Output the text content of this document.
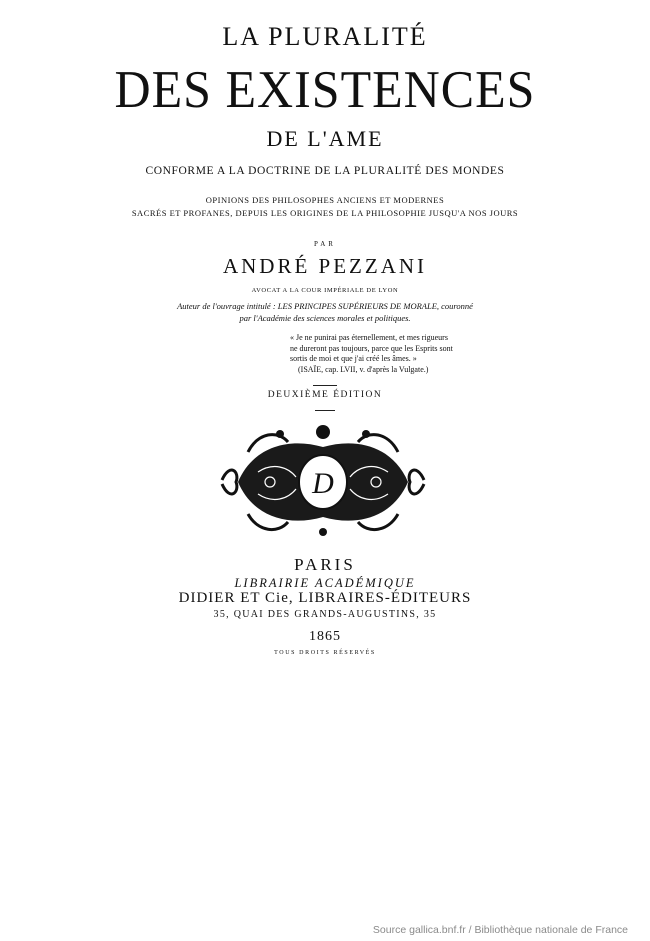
LA PLURALITÉ
DES EXISTENCES
DE L'AME
CONFORME A LA DOCTRINE DE LA PLURALITÉ DES MONDES
OPINIONS DES PHILOSOPHES ANCIENS ET MODERNES
SACRÉS ET PROFANES, DEPUIS LES ORIGINES DE LA PHILOSOPHIE JUSQU'A NOS JOURS
PAR
ANDRÉ PEZZANI
AVOCAT A LA COUR IMPÉRIALE DE LYON
Auteur de l'ouvrage intitulé : LES PRINCIPES SUPÉRIEURS DE MORALE, couronné
par l'Académie des sciences morales et politiques.
« Je ne punirai pas éternellement, et mes rigueurs
ne dureront pas toujours, parce que les Esprits sont
sortis de moi et que j'ai créé les âmes. »
(ISAÏE, cap. LVII, v. d'après la Vulgate.)
DEUXIÈME ÉDITION
D
PARIS
LIBRAIRIE ACADÉMIQUE
DIDIER ET Cie, LIBRAIRES-ÉDITEURS
35, QUAI DES GRANDS-AUGUSTINS, 35
1865
TOUS DROITS RÉSERVÉS
Source gallica.bnf.fr / Bibliothèque nationale de France
